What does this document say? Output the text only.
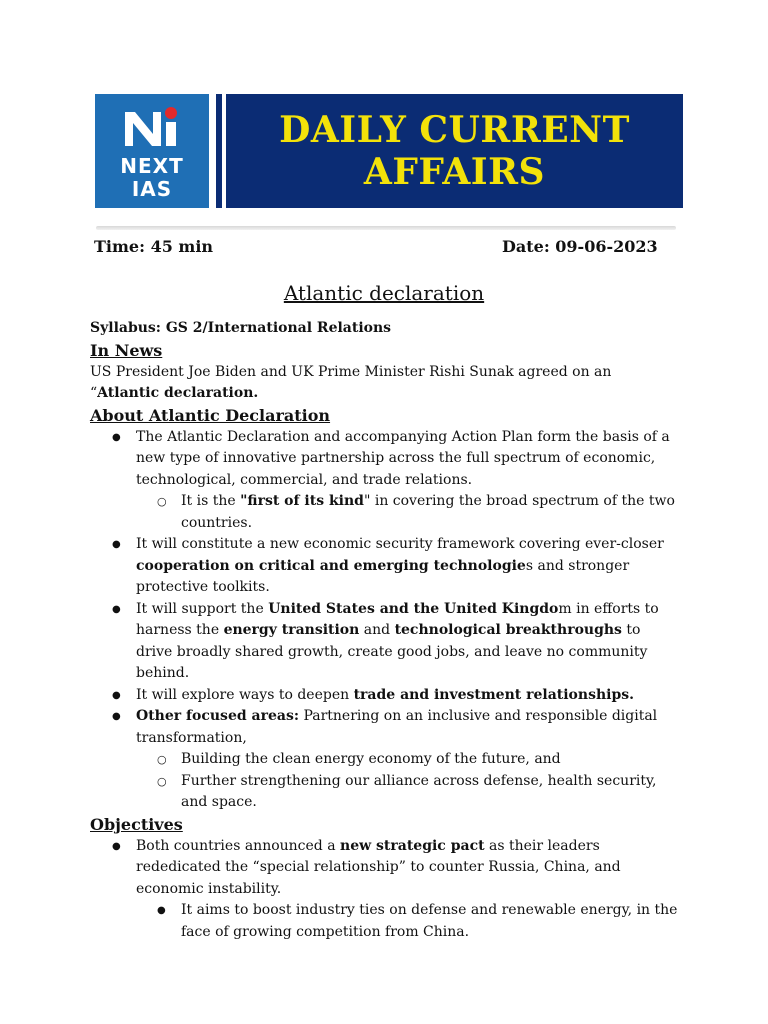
NEXT
IAS
DAILY CURRENT
AFFAIRS
Time: 45 min	Date: 09-06-2023
Atlantic declaration

Syllabus: GS 2/International Relations

In News

US President Joe Biden and UK Prime Minister Rishi Sunak agreed on an “Atlantic declaration.

About Atlantic Declaration

● The Atlantic Declaration and accompanying Action Plan form the basis of a new type of innovative partnership across the full spectrum of economic, technological, commercial, and trade relations.
○ It is the "first of its kind" in covering the broad spectrum of the two countries.
● It will constitute a new economic security framework covering ever-closer cooperation on critical and emerging technologies and stronger protective toolkits.
● It will support the United States and the United Kingdom in efforts to harness the energy transition and technological breakthroughs to drive broadly shared growth, create good jobs, and leave no community behind.
● It will explore ways to deepen trade and investment relationships.
● Other focused areas: Partnering on an inclusive and responsible digital transformation,
○ Building the clean energy economy of the future, and
○ Further strengthening our alliance across defense, health security, and space.

Objectives

● Both countries announced a new strategic pact as their leaders rededicated the “special relationship” to counter Russia, China, and economic instability.
● It aims to boost industry ties on defense and renewable energy, in the face of growing competition from China.
